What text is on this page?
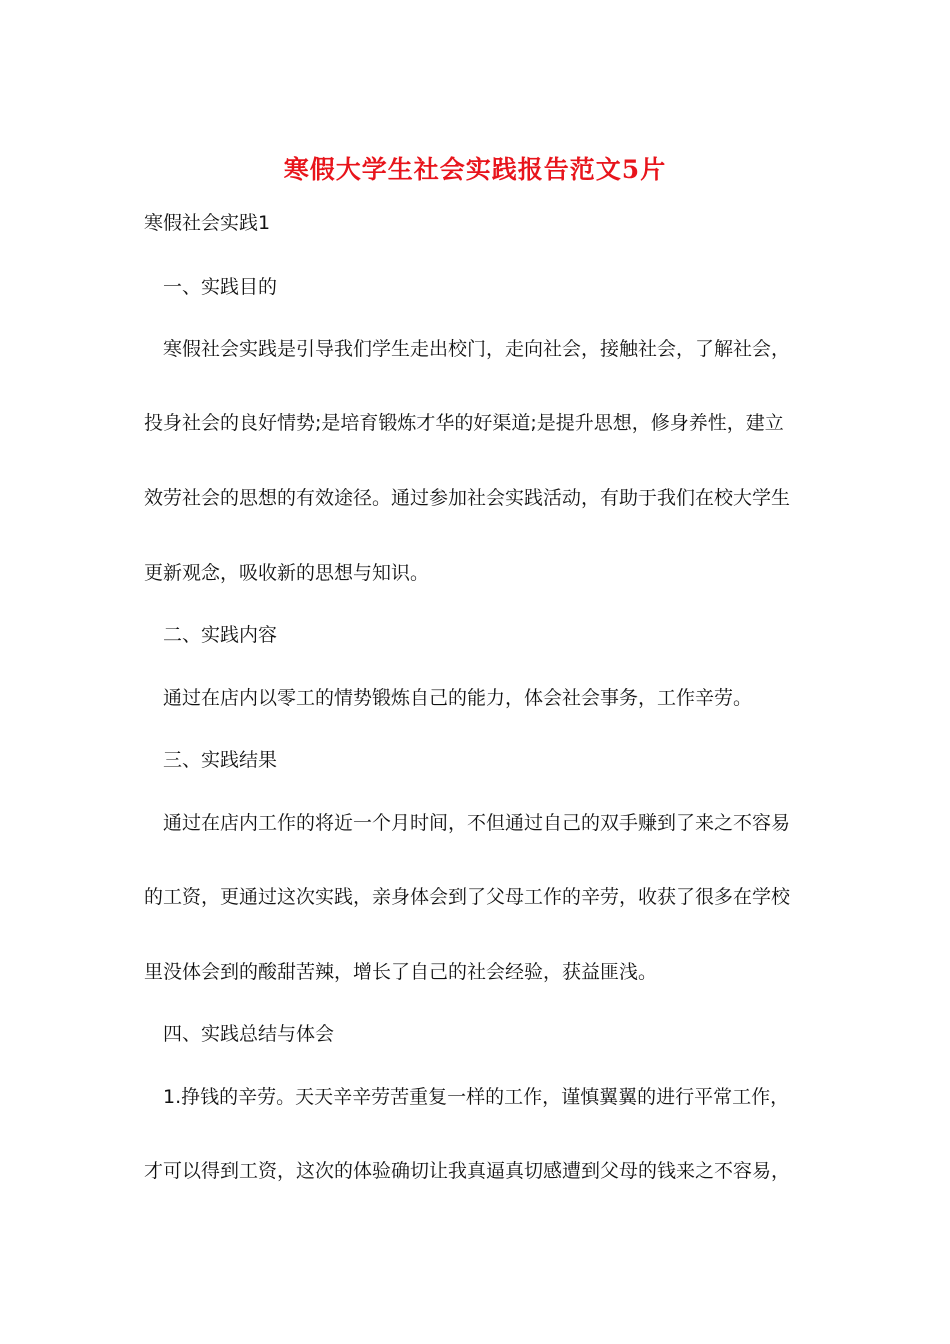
寒假大学生社会实践报告范文5片
寒假社会实践1
一、实践目的
寒假社会实践是引导我们学生走出校门，走向社会，接触社会，了解社会，
投身社会的良好情势;是培育锻炼才华的好渠道;是提升思想，修身养性，建立
效劳社会的思想的有效途径。通过参加社会实践活动，有助于我们在校大学生
更新观念，吸收新的思想与知识。
二、实践内容
通过在店内以零工的情势锻炼自己的能力，体会社会事务，工作辛劳。
三、实践结果
通过在店内工作的将近一个月时间，不但通过自己的双手赚到了来之不容易
的工资，更通过这次实践，亲身体会到了父母工作的辛劳，收获了很多在学校
里没体会到的酸甜苦辣，增长了自己的社会经验，获益匪浅。
四、实践总结与体会
1.挣钱的辛劳。天天辛辛劳苦重复一样的工作，谨慎翼翼的进行平常工作，
才可以得到工资，这次的体验确切让我真逼真切感遭到父母的钱来之不容易，
